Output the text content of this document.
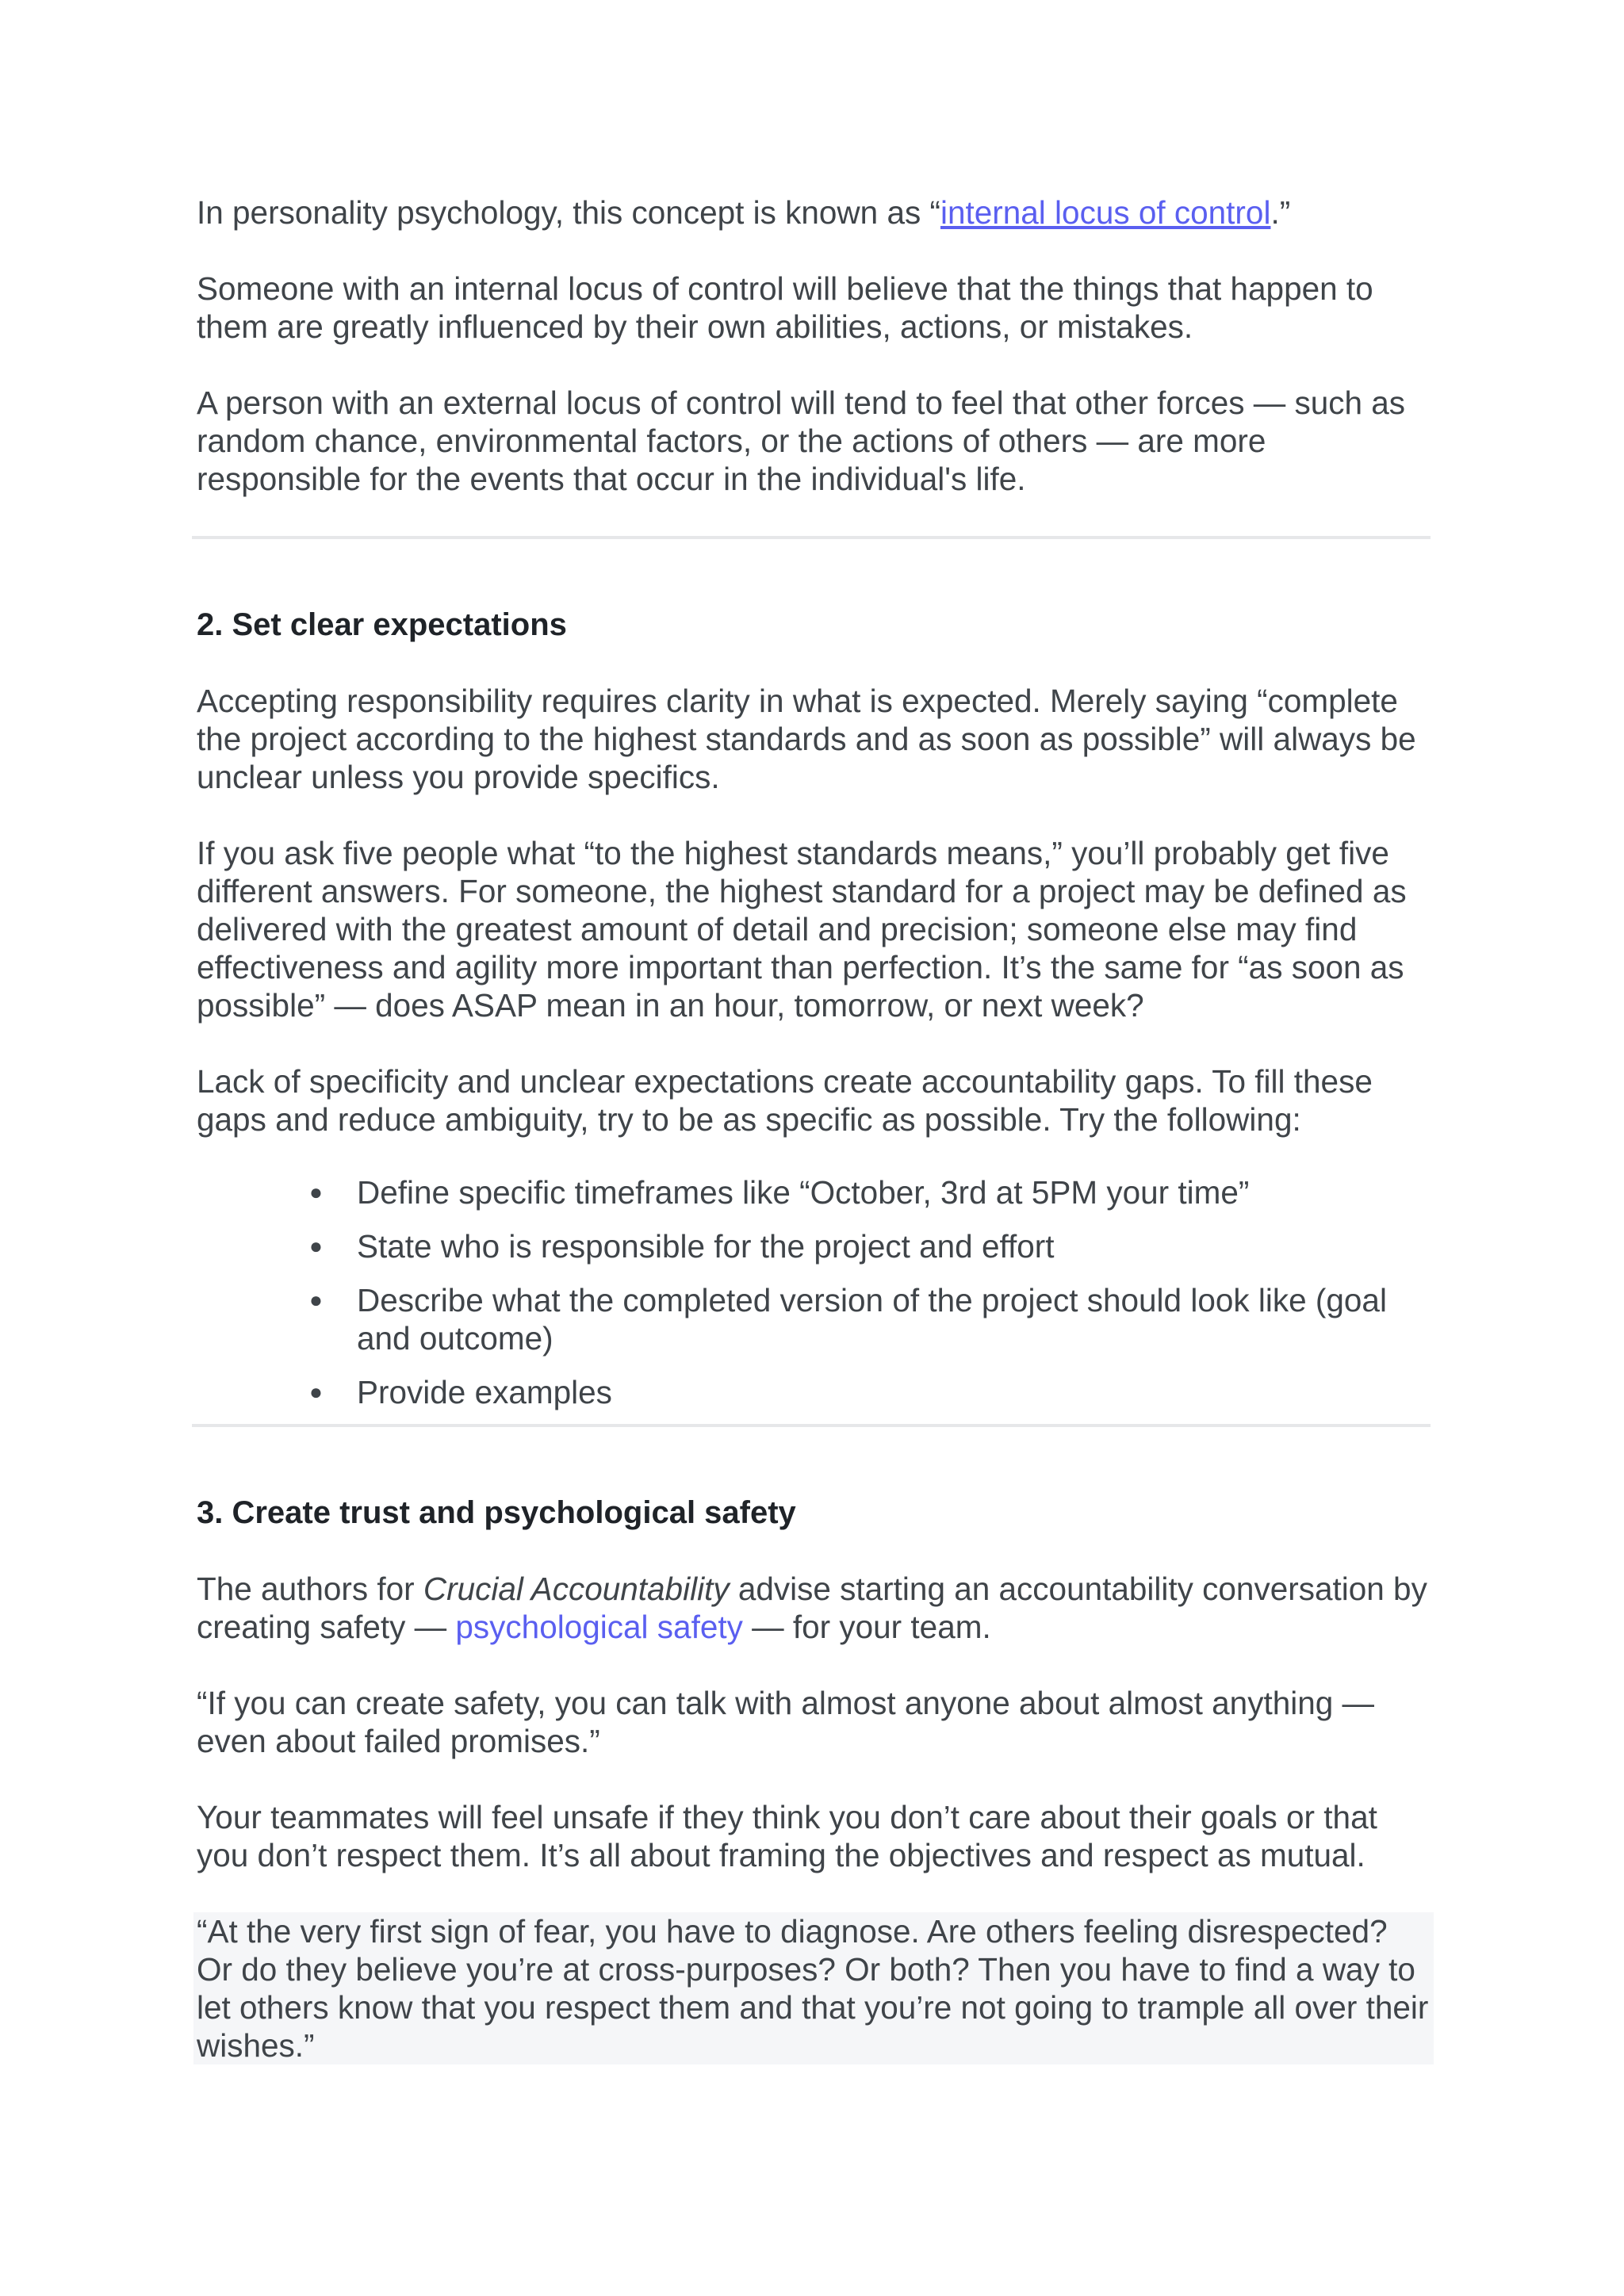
In personality psychology, this concept is known as “internal locus of control.”

Someone with an internal locus of control will believe that the things that happen to them are greatly influenced by their own abilities, actions, or mistakes.

A person with an external locus of control will tend to feel that other forces — such as random chance, environmental factors, or the actions of others — are more responsible for the events that occur in the individual's life.

2. Set clear expectations

Accepting responsibility requires clarity in what is expected. Merely saying “complete the project according to the highest standards and as soon as possible” will always be unclear unless you provide specifics.

If you ask five people what “to the highest standards means,” you’ll probably get five different answers. For someone, the highest standard for a project may be defined as delivered with the greatest amount of detail and precision; someone else may find effectiveness and agility more important than perfection. It’s the same for “as soon as possible” — does ASAP mean in an hour, tomorrow, or next week?

Lack of specificity and unclear expectations create accountability gaps. To fill these gaps and reduce ambiguity, try to be as specific as possible. Try the following:

● Define specific timeframes like “October, 3rd at 5PM your time”
● State who is responsible for the project and effort
● Describe what the completed version of the project should look like (goal and outcome)
● Provide examples
3. Create trust and psychological safety

The authors for Crucial Accountability advise starting an accountability conversation by creating safety — psychological safety — for your team.

“If you can create safety, you can talk with almost anyone about almost anything — even about failed promises.”

Your teammates will feel unsafe if they think you don’t care about their goals or that you don’t respect them. It’s all about framing the objectives and respect as mutual.

“At the very first sign of fear, you have to diagnose. Are others feeling disrespected? Or do they believe you’re at cross-purposes? Or both? Then you have to find a way to let others know that you respect them and that you’re not going to trample all over their wishes.”
